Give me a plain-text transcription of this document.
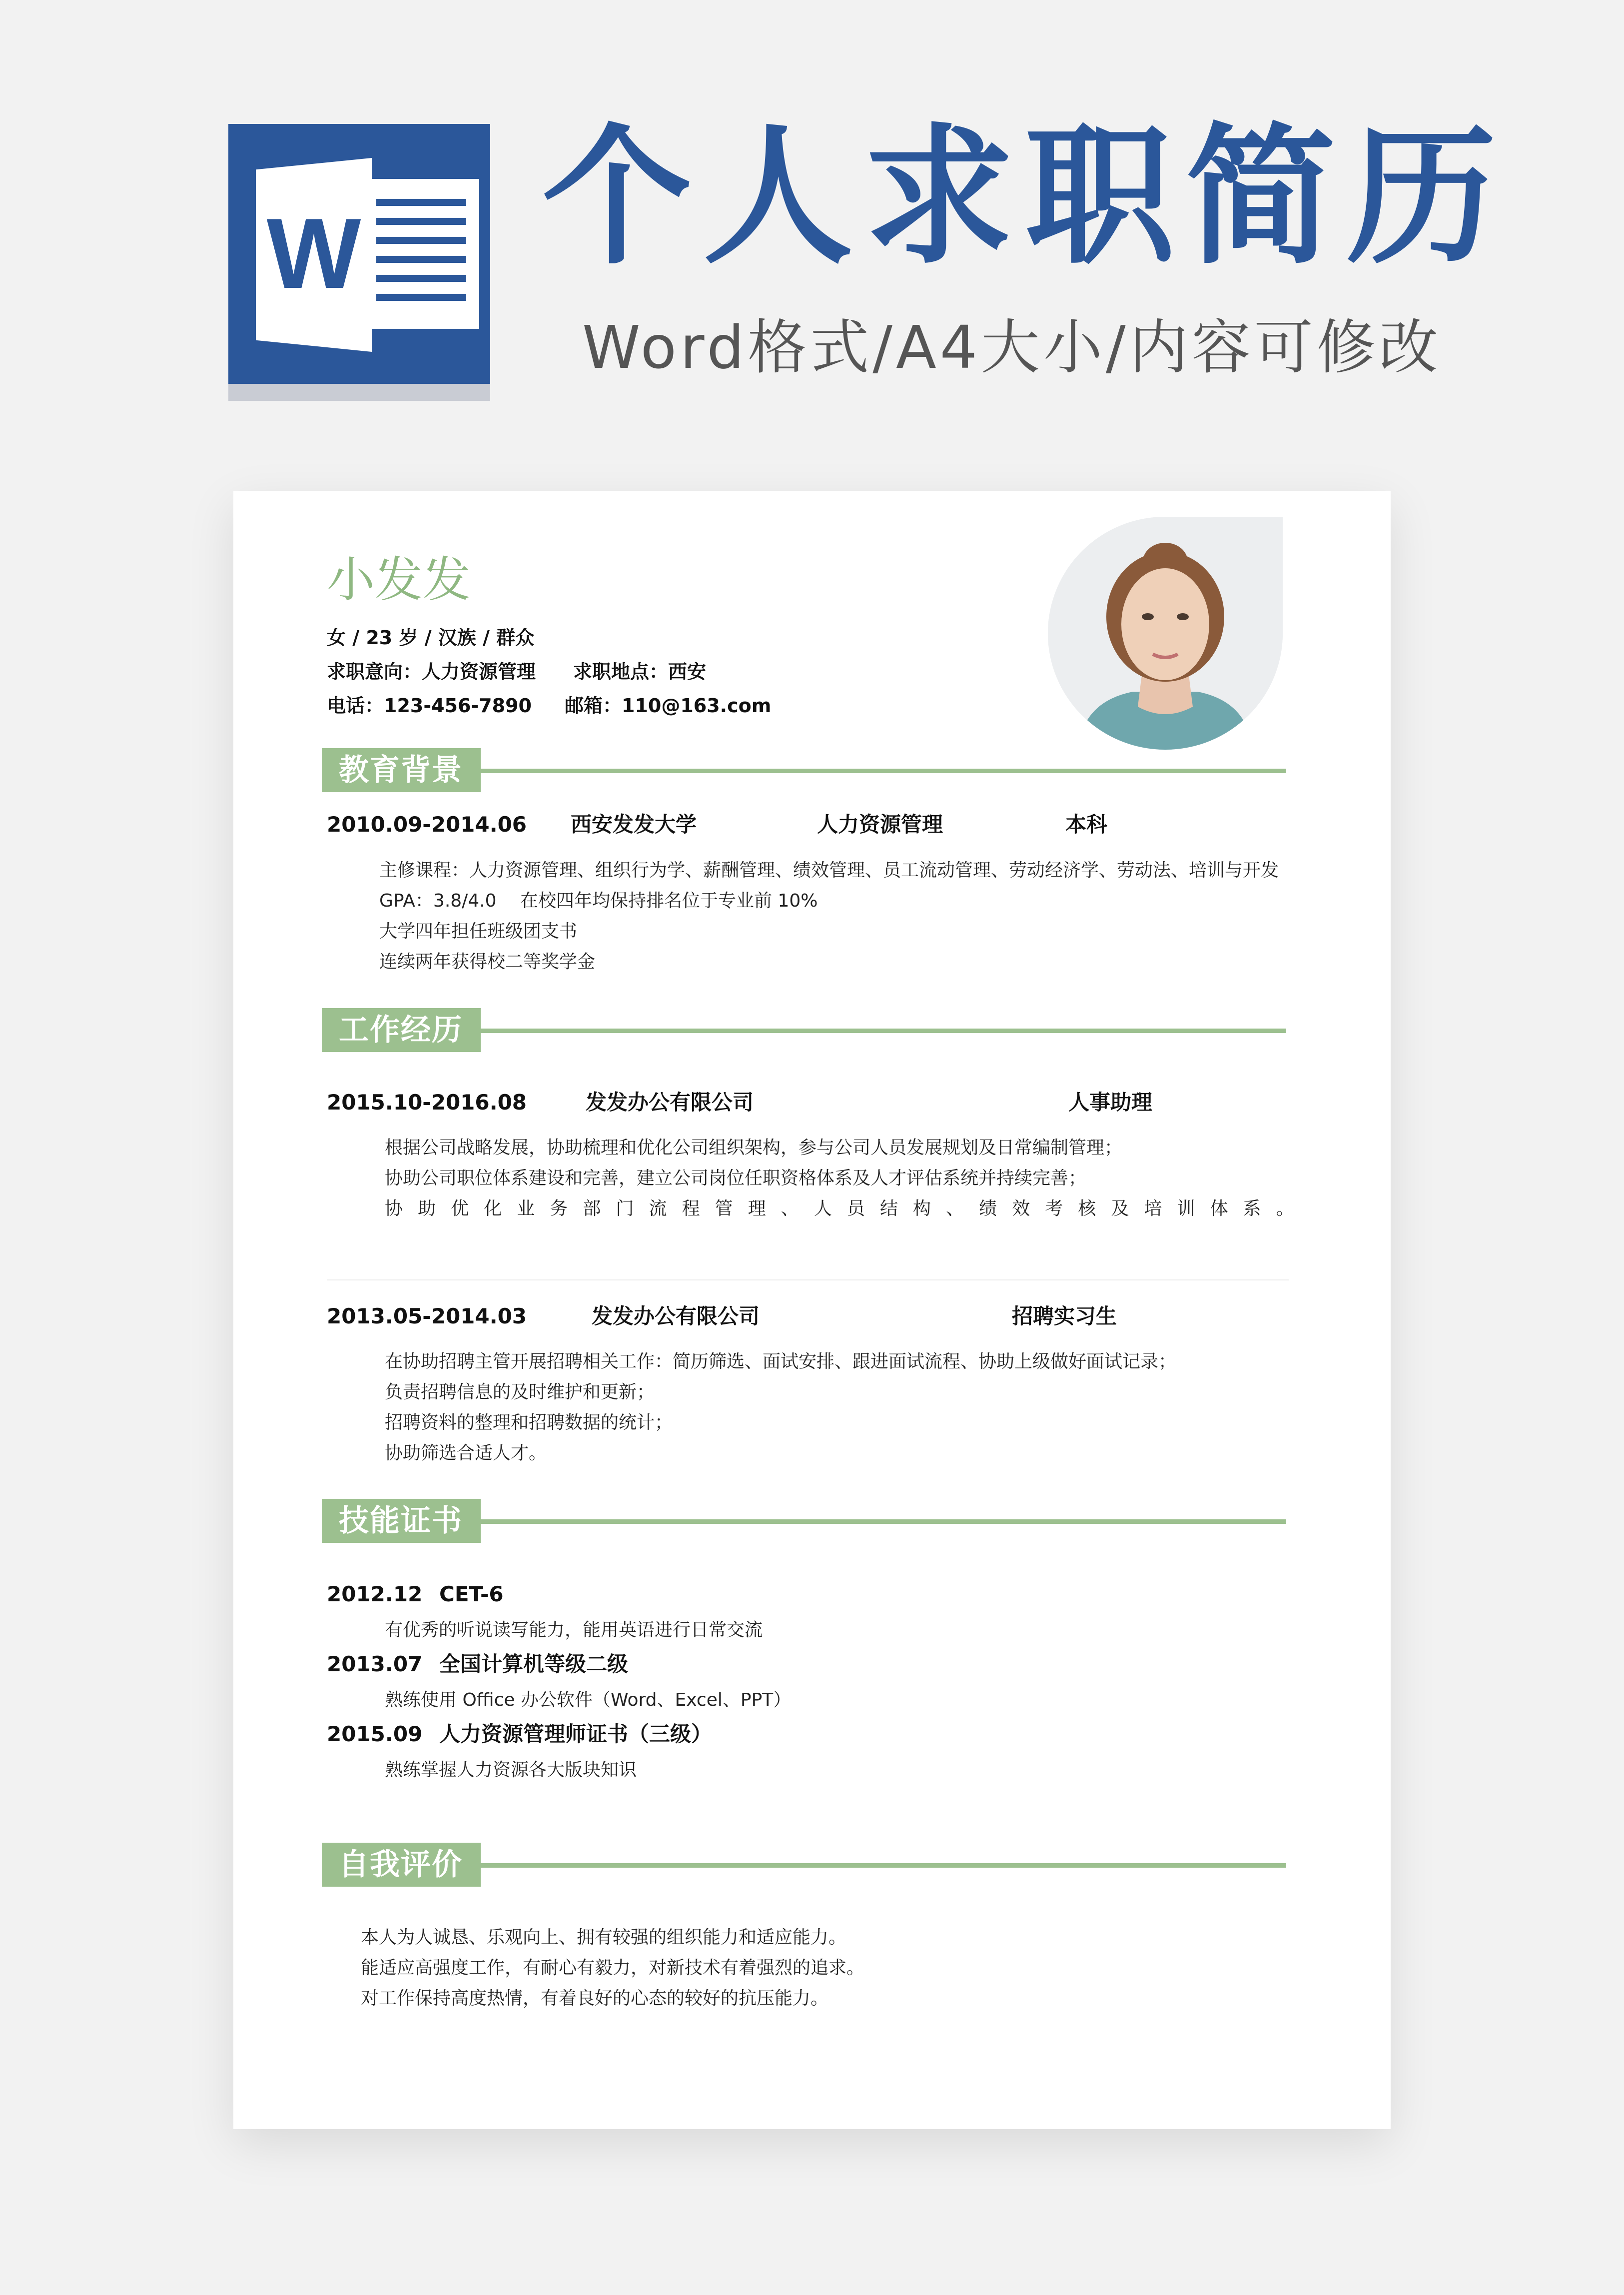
W 个人求职简历

Word格式/A4大小/内容可修改

小发发
女 / 23 岁 / 汉族 / 群众
求职意向：人力资源管理 求职地点：西安
电话：123-456-7890 邮箱：110@163.com
教育背景
2010.09-2014.06 西安发发大学	人力资源管理	本科
主修课程：人力资源管理、组织行为学、薪酬管理、绩效管理、员工流动管理、劳动经济学、劳动法、培训与开发
GPA：3.8/4.0　 在校四年均保持排名位于专业前 10%
大学四年担任班级团支书
连续两年获得校二等奖学金
工作经历
2015.10-2016.08	发发办公有限公司	人事助理
根据公司战略发展，协助梳理和优化公司组织架构，参与公司人员发展规划及日常编制管理；
协助公司职位体系建设和完善，建立公司岗位任职资格体系及人才评估系统并持续完善；
协 助 优 化 业 务 部 门 流 程 管 理 、 人 员 结 构 、 绩 效 考 核 及 培 训 体 系 。
2013.05-2014.03	发发办公有限公司	招聘实习生
在协助招聘主管开展招聘相关工作：简历筛选、面试安排、跟进面试流程、协助上级做好面试记录；
负责招聘信息的及时维护和更新；
招聘资料的整理和招聘数据的统计；
协助筛选合适人才。
技能证书
2012.12 CET-6
有优秀的听说读写能力，能用英语进行日常交流
2013.07 全国计算机等级二级
熟练使用 Office 办公软件（Word、Excel、PPT）
2015.09 人力资源管理师证书（三级）
熟练掌握人力资源各大版块知识
自我评价
本人为人诚恳、乐观向上、拥有较强的组织能力和适应能力。
能适应高强度工作，有耐心有毅力，对新技术有着强烈的追求。
对工作保持高度热情，有着良好的心态的较好的抗压能力。
